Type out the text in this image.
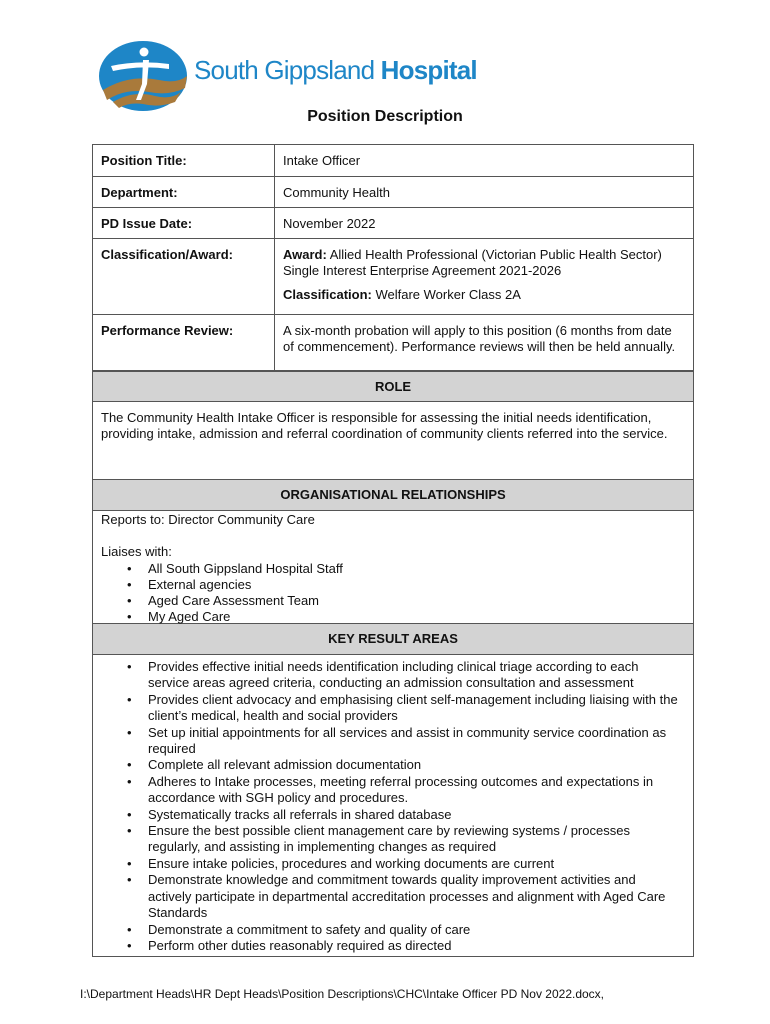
South Gippsland Hospital
Position Description
Position Title:	Intake Officer
Department:	Community Health
PD Issue Date:	November 2022
Classification/Award:	Award: Allied Health Professional (Victorian Public Health Sector) Single Interest Enterprise Agreement 2021-2026

Classification: Welfare Worker Class 2A

Performance Review:	A six-month probation will apply to this position (6 months from date of commencement). Performance reviews will then be held annually.
ROLE
The Community Health Intake Officer is responsible for assessing the initial needs identification, providing intake, admission and referral coordination of community clients referred into the service.
ORGANISATIONAL RELATIONSHIPS
Reports to: Director Community Care
Liaises with:
• All South Gippsland Hospital Staff
• External agencies
• Aged Care Assessment Team
• My Aged Care
KEY RESULT AREAS
• Provides effective initial needs identification including clinical triage according to each service areas agreed criteria, conducting an admission consultation and assessment
• Provides client advocacy and emphasising client self-management including liaising with the client’s medical, health and social providers
• Set up initial appointments for all services and assist in community service coordination as required
• Complete all relevant admission documentation
• Adheres to Intake processes, meeting referral processing outcomes and expectations in accordance with SGH policy and procedures.
• Systematically tracks all referrals in shared database
• Ensure the best possible client management care by reviewing systems / processes regularly, and assisting in implementing changes as required
• Ensure intake policies, procedures and working documents are current
• Demonstrate knowledge and commitment towards quality improvement activities and actively participate in departmental accreditation processes and alignment with Aged Care Standards
• Demonstrate a commitment to safety and quality of care
• Perform other duties reasonably required as directed
I:\Department Heads\HR Dept Heads\Position Descriptions\CHC\Intake Officer PD Nov 2022.docx,
